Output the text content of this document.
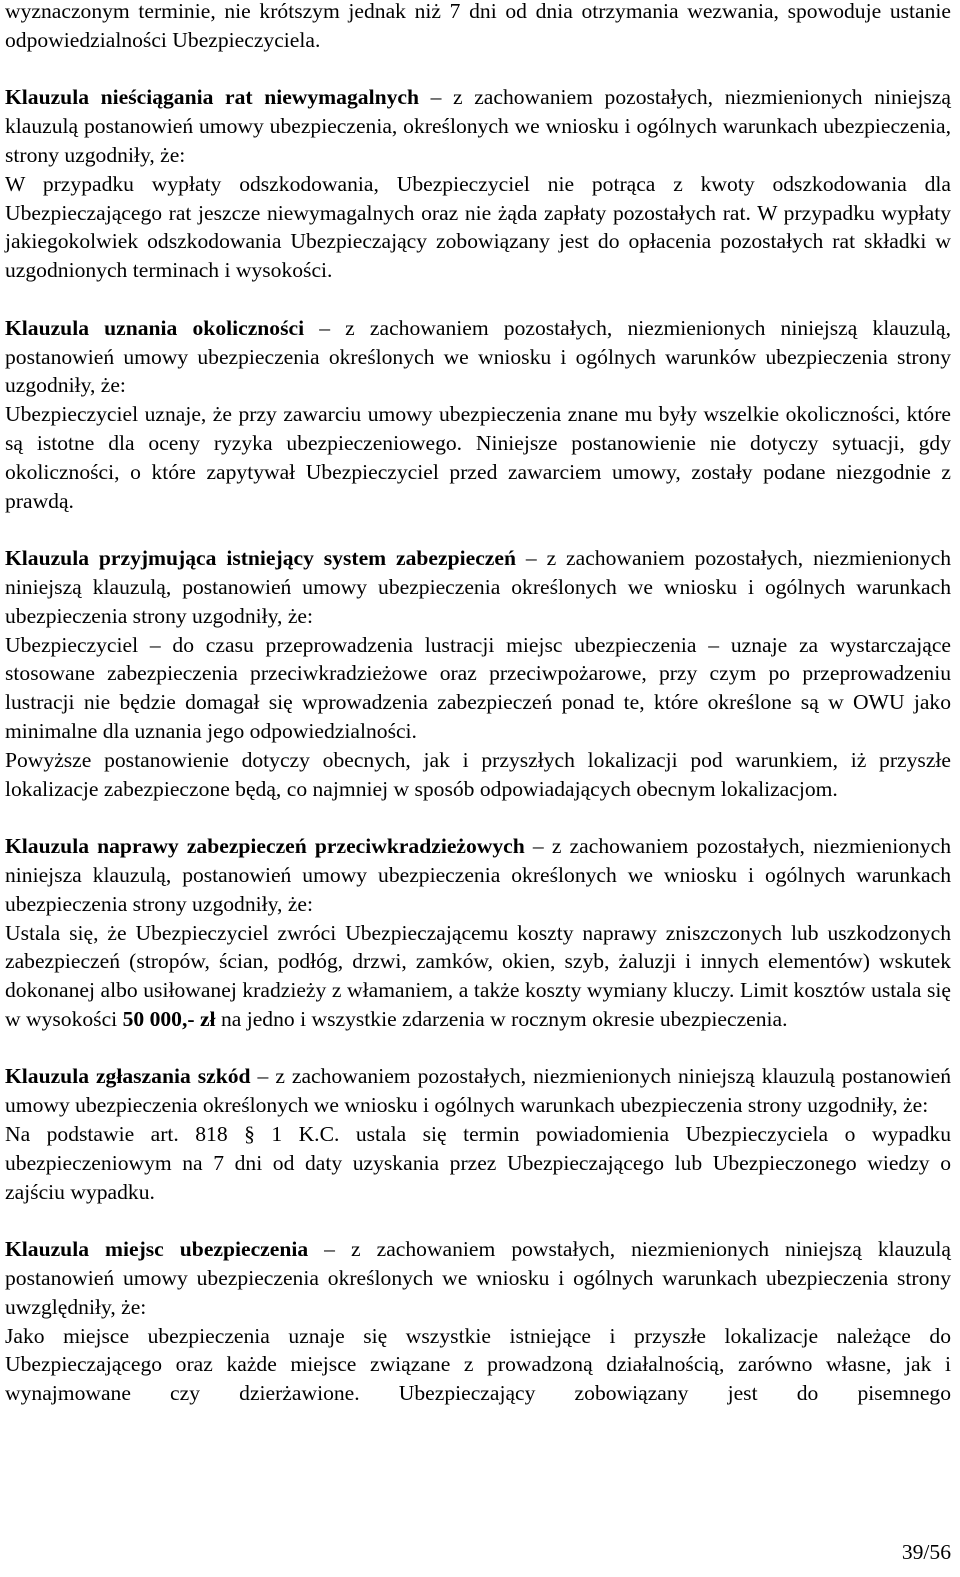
wyznaczonym terminie, nie krótszym jednak niż 7 dni od dnia otrzymania wezwania, spowoduje ustanie odpowiedzialności Ubezpieczyciela.

Klauzula nieściągania rat niewymagalnych – z zachowaniem pozostałych, niezmienionych niniejszą klauzulą postanowień umowy ubezpieczenia, określonych we wniosku i ogólnych warunkach ubezpieczenia, strony uzgodniły, że:

W przypadku wypłaty odszkodowania, Ubezpieczyciel nie potrąca z kwoty odszkodowania dla Ubezpieczającego rat jeszcze niewymagalnych oraz nie żąda zapłaty pozostałych rat. W przypadku wypłaty jakiegokolwiek odszkodowania Ubezpieczający zobowiązany jest do opłacenia pozostałych rat składki w uzgodnionych terminach i wysokości.

Klauzula uznania okoliczności – z zachowaniem pozostałych, niezmienionych niniejszą klauzulą, postanowień umowy ubezpieczenia określonych we wniosku i ogólnych warunków ubezpieczenia strony uzgodniły, że:

Ubezpieczyciel uznaje, że przy zawarciu umowy ubezpieczenia znane mu były wszelkie okoliczności, które są istotne dla oceny ryzyka ubezpieczeniowego. Niniejsze postanowienie nie dotyczy sytuacji, gdy okoliczności, o które zapytywał Ubezpieczyciel przed zawarciem umowy, zostały podane niezgodnie z prawdą.

Klauzula przyjmująca istniejący system zabezpieczeń – z zachowaniem pozostałych, niezmienionych niniejszą klauzulą, postanowień umowy ubezpieczenia określonych we wniosku i ogólnych warunkach ubezpieczenia strony uzgodniły, że:

Ubezpieczyciel – do czasu przeprowadzenia lustracji miejsc ubezpieczenia – uznaje za wystarczające stosowane zabezpieczenia przeciwkradzieżowe oraz przeciwpożarowe, przy czym po przeprowadzeniu lustracji nie będzie domagał się wprowadzenia zabezpieczeń ponad te, które określone są w OWU jako minimalne dla uznania jego odpowiedzialności.

Powyższe postanowienie dotyczy obecnych, jak i przyszłych lokalizacji pod warunkiem, iż przyszłe lokalizacje zabezpieczone będą, co najmniej w sposób odpowiadających obecnym lokalizacjom.

Klauzula naprawy zabezpieczeń przeciwkradzieżowych – z zachowaniem pozostałych, niezmienionych niniejsza klauzulą, postanowień umowy ubezpieczenia określonych we wniosku i ogólnych warunkach ubezpieczenia strony uzgodniły, że:

Ustala się, że Ubezpieczyciel zwróci Ubezpieczającemu koszty naprawy zniszczonych lub uszkodzonych zabezpieczeń (stropów, ścian, podłóg, drzwi, zamków, okien, szyb, żaluzji i innych elementów) wskutek dokonanej albo usiłowanej kradzieży z włamaniem, a także koszty wymiany kluczy. Limit kosztów ustala się w wysokości 50 000,- zł na jedno i wszystkie zdarzenia w rocznym okresie ubezpieczenia.

Klauzula zgłaszania szkód – z zachowaniem pozostałych, niezmienionych niniejszą klauzulą postanowień umowy ubezpieczenia określonych we wniosku i ogólnych warunkach ubezpieczenia strony uzgodniły, że:

Na podstawie art. 818 § 1 K.C. ustala się termin powiadomienia Ubezpieczyciela o wypadku ubezpieczeniowym na 7 dni od daty uzyskania przez Ubezpieczającego lub Ubezpieczonego wiedzy o zajściu wypadku.

Klauzula miejsc ubezpieczenia – z zachowaniem powstałych, niezmienionych niniejszą klauzulą postanowień umowy ubezpieczenia określonych we wniosku i ogólnych warunkach ubezpieczenia strony uwzględniły, że:

Jako miejsce ubezpieczenia uznaje się wszystkie istniejące i przyszłe lokalizacje należące do Ubezpieczającego oraz każde miejsce związane z prowadzoną działalnością, zarówno własne, jak i wynajmowane czy dzierżawione. Ubezpieczający zobowiązany jest do pisemnego

39/56
